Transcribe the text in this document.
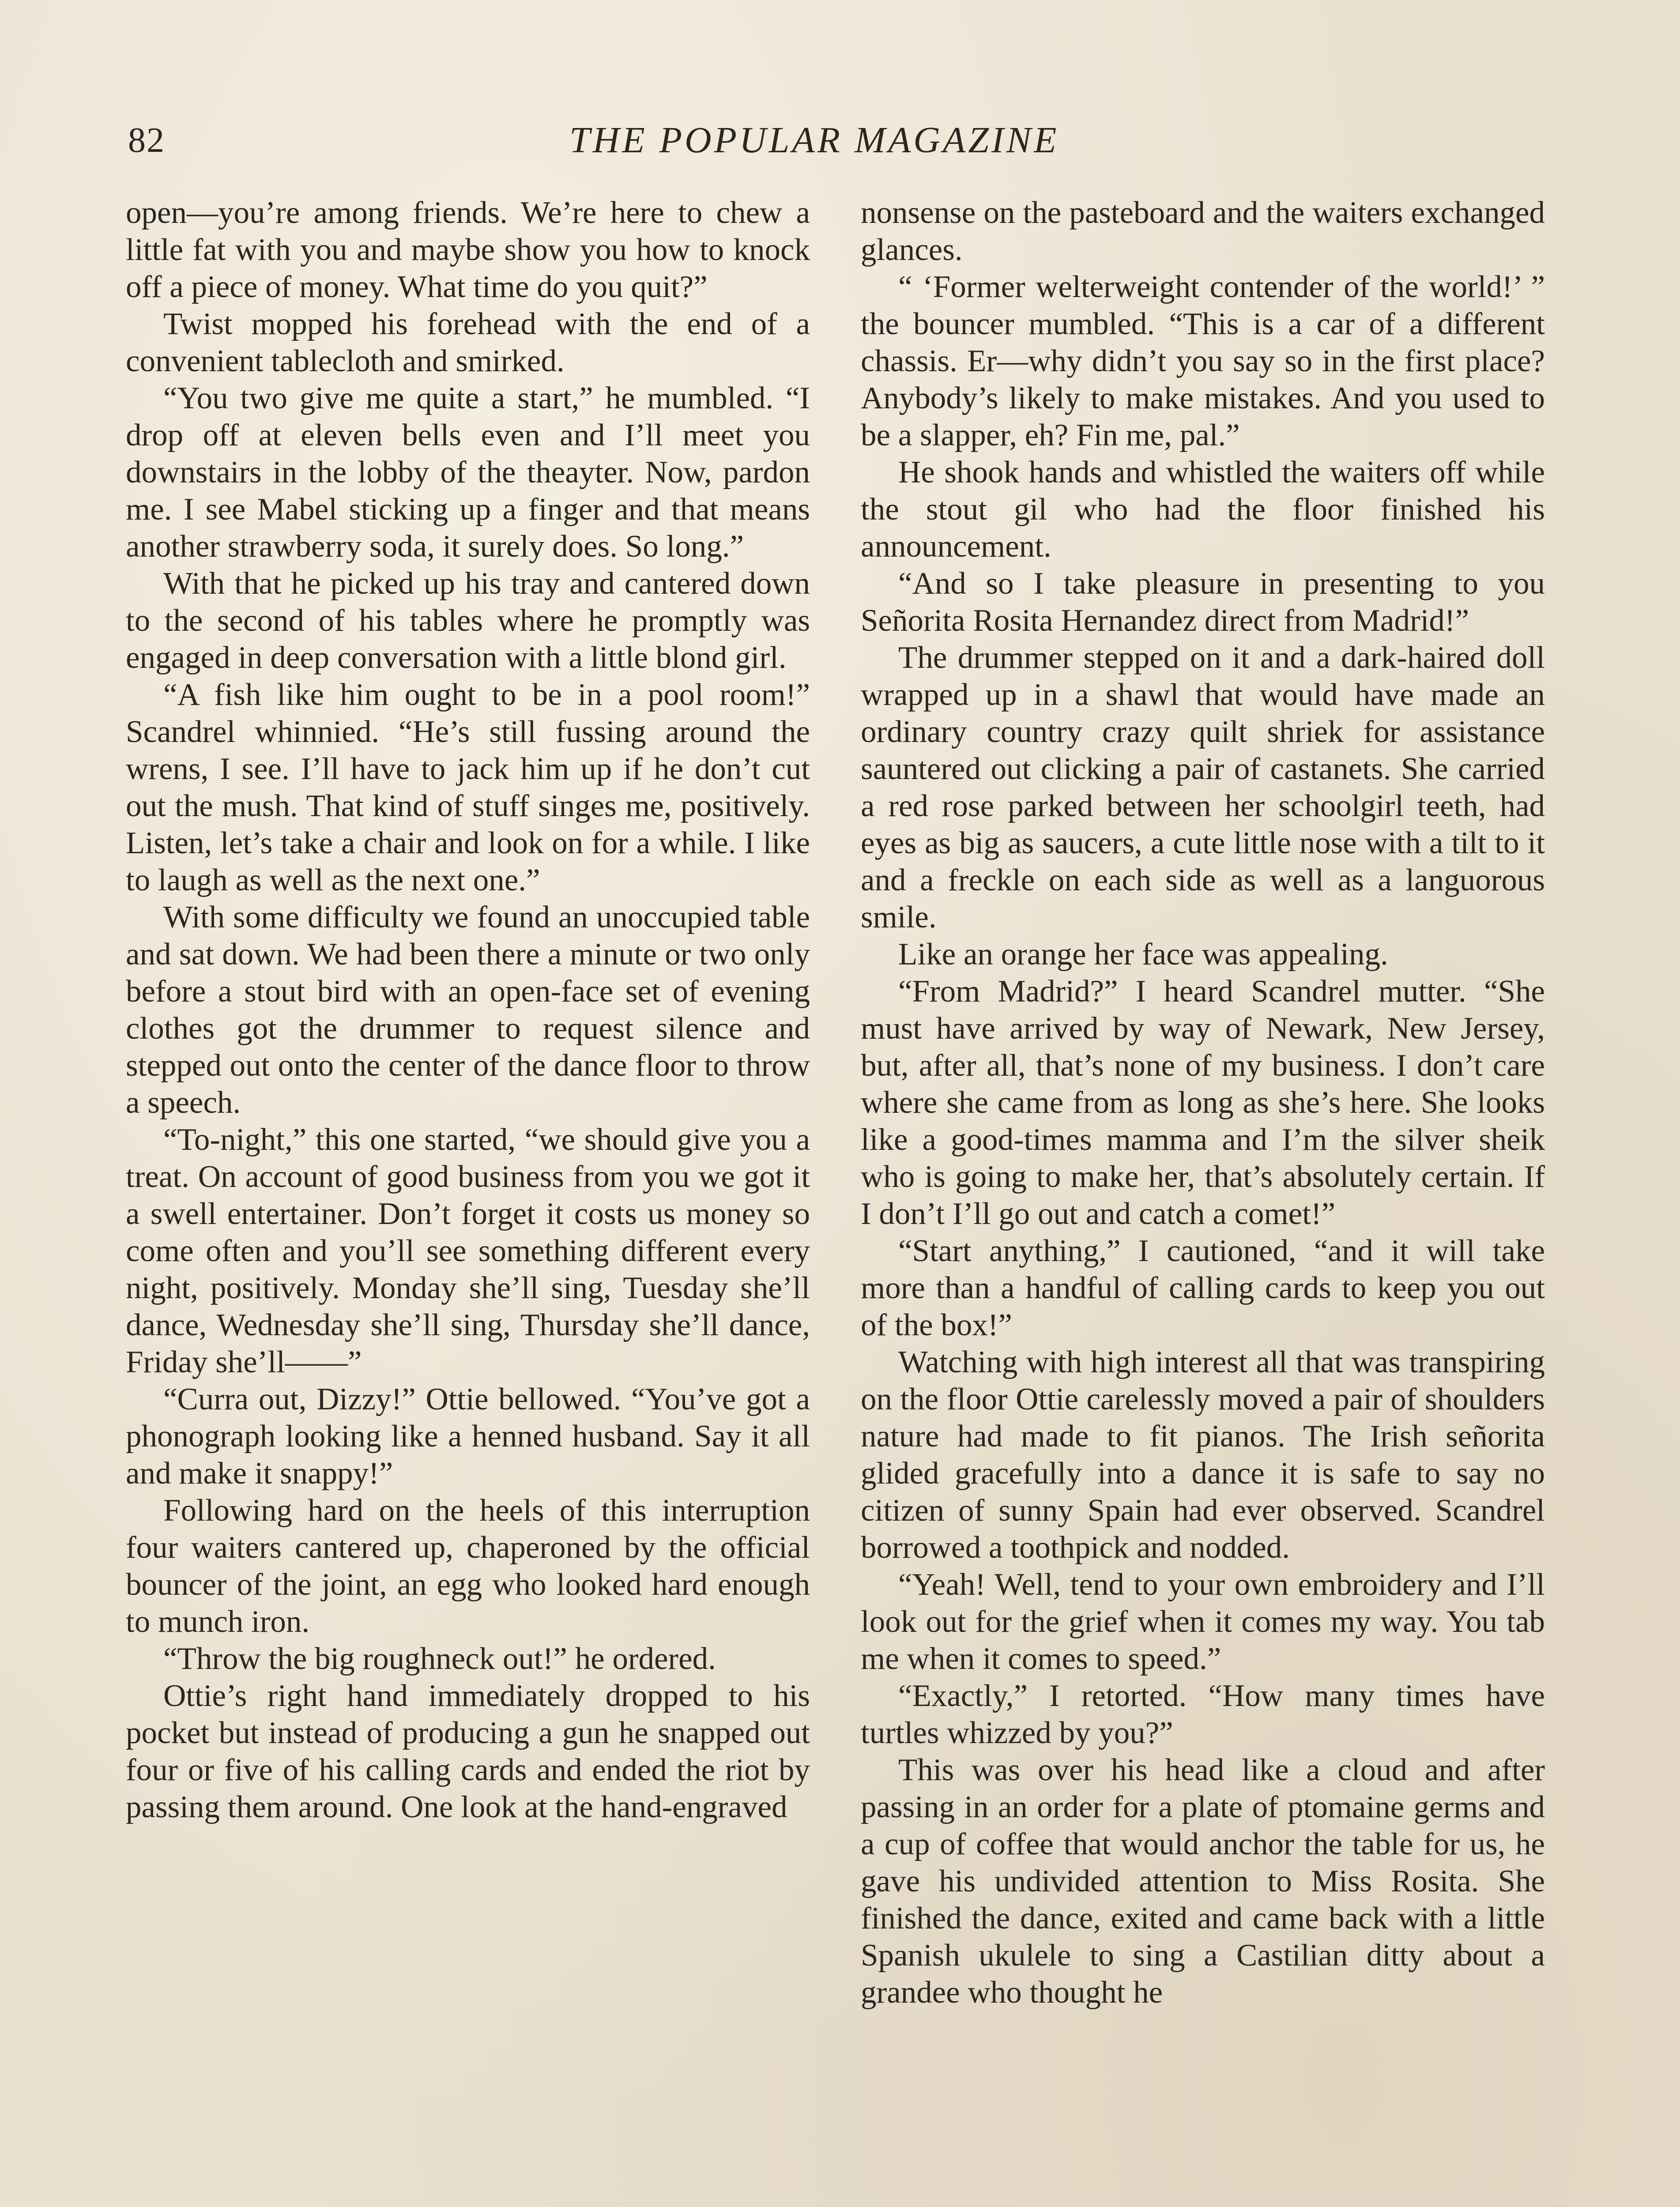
82	THE POPULAR MAGAZINE

open—you’re among friends. We’re here to chew a little fat with you and maybe show you how to knock off a piece of money. What time do you quit?”

Twist mopped his forehead with the end of a convenient tablecloth and smirked.

“You two give me quite a start,” he mumbled. “I drop off at eleven bells even and I’ll meet you downstairs in the lobby of the theayter. Now, pardon me. I see Mabel sticking up a finger and that means another strawberry soda, it surely does. So long.”

With that he picked up his tray and cantered down to the second of his tables where he promptly was engaged in deep conversation with a little blond girl.

“A fish like him ought to be in a pool room!” Scandrel whinnied. “He’s still fussing around the wrens, I see. I’ll have to jack him up if he don’t cut out the mush. That kind of stuff singes me, positively. Listen, let’s take a chair and look on for a while. I like to laugh as well as the next one.”

With some difficulty we found an unoccupied table and sat down. We had been there a minute or two only before a stout bird with an open-face set of evening clothes got the drummer to request silence and stepped out onto the center of the dance floor to throw a speech.

“To-night,” this one started, “we should give you a treat. On account of good business from you we got it a swell entertainer. Don’t forget it costs us money so come often and you’ll see something different every night, positively. Monday she’ll sing, Tuesday she’ll dance, Wednesday she’ll sing, Thursday she’ll dance, Friday she’ll——”

“Curra out, Dizzy!” Ottie bellowed. “You’ve got a phonograph looking like a henned husband. Say it all and make it snappy!”

Following hard on the heels of this interruption four waiters cantered up, chaperoned by the official bouncer of the joint, an egg who looked hard enough to munch iron.

“Throw the big roughneck out!” he ordered.

Ottie’s right hand immediately dropped to his pocket but instead of producing a gun he snapped out four or five of his calling cards and ended the riot by passing them around. One look at the hand-engraved

nonsense on the pasteboard and the waiters exchanged glances.

“ ‘Former welterweight contender of the world!’ ” the bouncer mumbled. “This is a car of a different chassis. Er—why didn’t you say so in the first place? Anybody’s likely to make mistakes. And you used to be a slapper, eh? Fin me, pal.”

He shook hands and whistled the waiters off while the stout gil who had the floor finished his announcement.

“And so I take pleasure in presenting to you Señorita Rosita Hernandez direct from Madrid!”

The drummer stepped on it and a dark-haired doll wrapped up in a shawl that would have made an ordinary country crazy quilt shriek for assistance sauntered out clicking a pair of castanets. She carried a red rose parked between her schoolgirl teeth, had eyes as big as saucers, a cute little nose with a tilt to it and a freckle on each side as well as a languorous smile.

Like an orange her face was appealing.

“From Madrid?” I heard Scandrel mutter. “She must have arrived by way of Newark, New Jersey, but, after all, that’s none of my business. I don’t care where she came from as long as she’s here. She looks like a good-times mamma and I’m the silver sheik who is going to make her, that’s absolutely certain. If I don’t I’ll go out and catch a comet!”

“Start anything,” I cautioned, “and it will take more than a handful of calling cards to keep you out of the box!”

Watching with high interest all that was transpiring on the floor Ottie carelessly moved a pair of shoulders nature had made to fit pianos. The Irish señorita glided gracefully into a dance it is safe to say no citizen of sunny Spain had ever observed. Scandrel borrowed a toothpick and nodded.

“Yeah! Well, tend to your own embroidery and I’ll look out for the grief when it comes my way. You tab me when it comes to speed.”

“Exactly,” I retorted. “How many times have turtles whizzed by you?”

This was over his head like a cloud and after passing in an order for a plate of ptomaine germs and a cup of coffee that would anchor the table for us, he gave his undivided attention to Miss Rosita. She finished the dance, exited and came back with a little Spanish ukulele to sing a Castilian ditty about a grandee who thought he
